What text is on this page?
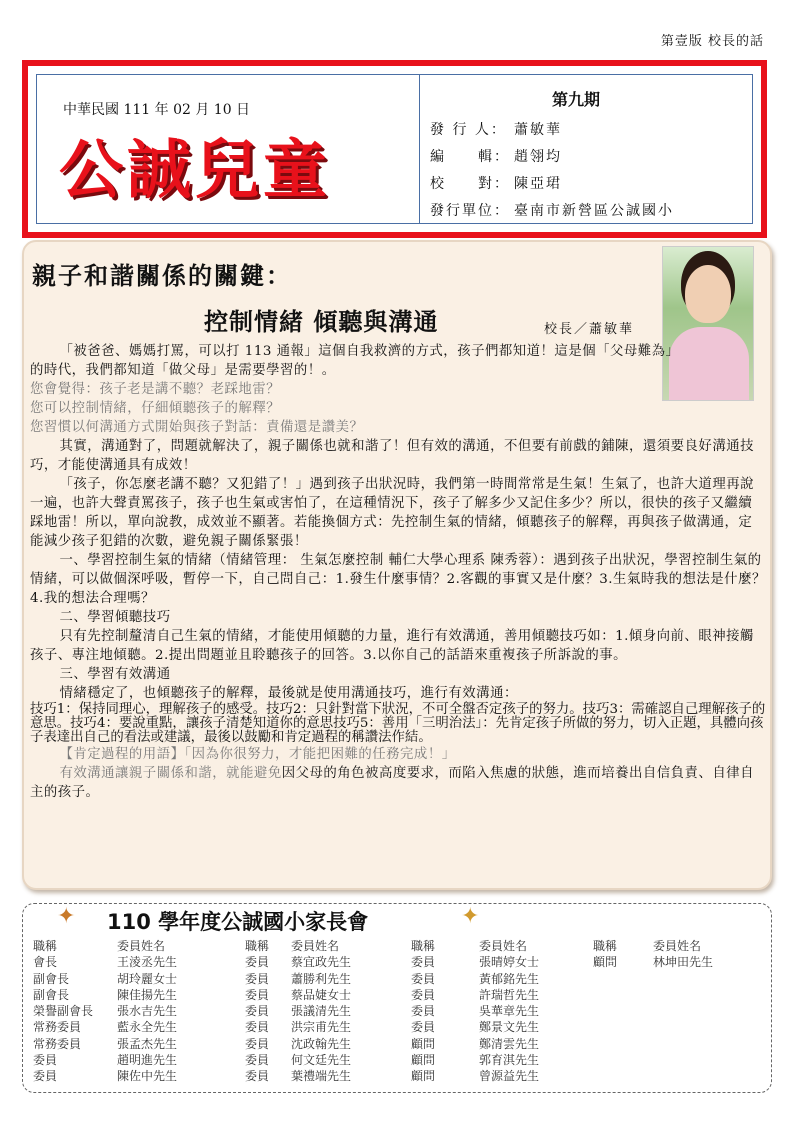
第壹版 校長的話
中華民國 111 年 02 月 10 日
公誠兒童
第九期
發 行 人： 蕭敏華
編　　輯： 趙翎均
校　　對： 陳亞珺
發行單位： 臺南市新營區公誠國小
親子和諧關係的關鍵：
控制情緒 傾聽與溝通	校長／蕭敏華

「被爸爸、媽媽打罵，可以打 113 通報」這個自我救濟的方式，孩子們都知道！這是個「父母難為」的時代，我們都知道「做父母」是需要學習的！。

您會覺得：孩子老是講不聽？老踩地雷？

您可以控制情緒，仔細傾聽孩子的解釋？

您習慣以何溝通方式開始與孩子對話：責備還是讚美？

其實，溝通對了，問題就解決了，親子關係也就和諧了！但有效的溝通，不但要有前戲的鋪陳，還須要良好溝通技巧，才能使溝通具有成效！

「孩子，你怎麼老講不聽？又犯錯了！」遇到孩子出狀況時，我們第一時間常常是生氣！生氣了，也許大道理再說一遍，也許大聲責罵孩子，孩子也生氣或害怕了，在這種情況下，孩子了解多少又記住多少？所以，很快的孩子又繼續踩地雷！所以，單向說教，成效並不顯著。若能換個方式：先控制生氣的情緒，傾聽孩子的解釋，再與孩子做溝通，定能減少孩子犯錯的次數，避免親子關係緊張！

一、學習控制生氣的情緒（情緒管理： 生氣怎麼控制 輔仁大學心理系 陳秀蓉）：遇到孩子出狀況，學習控制生氣的情緒，可以做個深呼吸，暫停一下，自己問自己：1.發生什麼事情？2.客觀的事實又是什麼？3.生氣時我的想法是什麼？4.我的想法合理嗎？

二、學習傾聽技巧

只有先控制釐清自己生氣的情緒，才能使用傾聽的力量，進行有效溝通，善用傾聽技巧如：1.傾身向前、眼神接觸孩子、專注地傾聽。2.提出問題並且聆聽孩子的回答。3.以你自己的話語來重複孩子所訴說的事。

三、學習有效溝通

情緒穩定了，也傾聽孩子的解釋，最後就是使用溝通技巧，進行有效溝通：

技巧1：保持同理心，理解孩子的感受。技巧2：只針對當下狀況，不可全盤否定孩子的努力。技巧3：需確認自己理解孩子的意思。技巧4：要說重點，讓孩子清楚知道你的意思技巧5：善用「三明治法」：先肯定孩子所做的努力，切入正題，具體向孩子表達出自己的看法或建議，最後以鼓勵和肯定過程的稱讚法作結。

【肯定過程的用語】「因為你很努力，才能把困難的任務完成！」

有效溝通讓親子關係和諧，就能避免因父母的角色被高度要求，而陷入焦慮的狀態，進而培養出自信負責、自律自主的孩子。

✦ 110 學年度公誠國小家長會	✦
職稱	委員姓名	職稱	委員姓名	職稱	委員姓名	職稱	委員姓名
會長	王淩丞先生	委員	蔡宜政先生	委員	張晴婷女士	顧問	林坤田先生
副會長	胡玲麗女士	委員	蕭勝利先生	委員	黃郁銘先生
副會長	陳佳揚先生	委員	蔡品婕女士	委員	許瑞哲先生
榮譽副會長	張水吉先生	委員	張議清先生	委員	吳華章先生
常務委員	藍永全先生	委員	洪宗甫先生	委員	鄭景文先生
常務委員	張孟杰先生	委員	沈政翰先生	顧問	鄭清雲先生
委員	趙明進先生	委員	何文廷先生	顧問	郭育淇先生
委員	陳佐中先生	委員	葉禮端先生	顧問	曾源益先生
